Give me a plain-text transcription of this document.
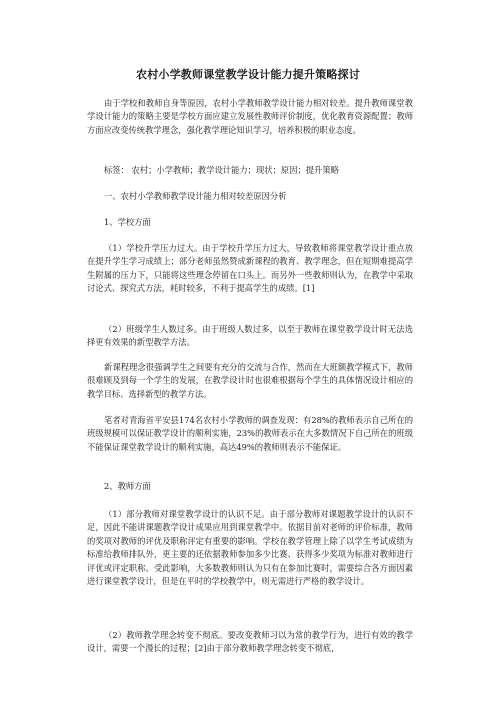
农村小学教师课堂教学设计能力提升策略探讨

由于学校和教师自身等原因，农村小学教师教学设计能力相对较差。提升教师课堂教学设计能力的策略主要是学校方面应建立发展性教师评价制度，优化教育资源配置；教师方面应改变传统教学理念，强化教学理论知识学习，培养积极的职业态度。

标签： 农村；小学教师；教学设计能力；现状；原因；提升策略

一、农村小学教师教学设计能力相对较差原因分析

1、学校方面

（1）学校升学压力过大。由于学校升学压力过大，导致教师将课堂教学设计重点放在提升学生学习成绩上；部分老师虽然赞成新课程的教育、教学理念，但在短期难提高学生附属的压力下，只能将这些理念停留在口头上。而另外一些教师则认为，在教学中采取讨论式、探究式方法，耗时较多，不利于提高学生的成绩。[1]

（2）班级学生人数过多。由于班级人数过多，以至于教师在课堂教学设计时无法选择更有效果的新型教学方法。

新课程理念很强调学生之间要有充分的交流与合作，然而在大班额教学模式下，教师很难顾及到每一个学生的发展，在教学设计时也很难根据每个学生的具体情况设计相应的教学目标、选择新型的教学方法。

笔者对青海省平安县174名农村小学教师的调查发现：有28%的教师表示自己所在的班级规模可以保证教学设计的顺利实施，23%的教师表示在大多数情况下自己所在的班级不能保证课堂教学设计的顺利实施，高达49%的教师则表示不能保证。

2、教师方面

（1）部分教师对课堂教学设计的认识不足。由于部分教师对课题教学设计的认识不足，因此不能讲课题教学设计成果应用到课堂教学中。依据目前对老师的评价标准，教师的奖项对教师的评优及职称评定有重要的影响。学校在教学管理上除了以学生考试成绩为标准给教师排队外，更主要的还依据教师参加多少比赛、获得多少奖项为标准对教师进行评优或评定职称。受此影响，大多数教师则认为只有在参加比赛时，需要综合各方面因素进行课堂教学设计，但是在平时的学校教学中，则无需进行严格的教学设计。

（2）教师教学理念转变不彻底。要改变教师习以为常的教学行为，进行有效的教学设计，需要一个漫长的过程；[2]由于部分教师教学理念转变不彻底，
